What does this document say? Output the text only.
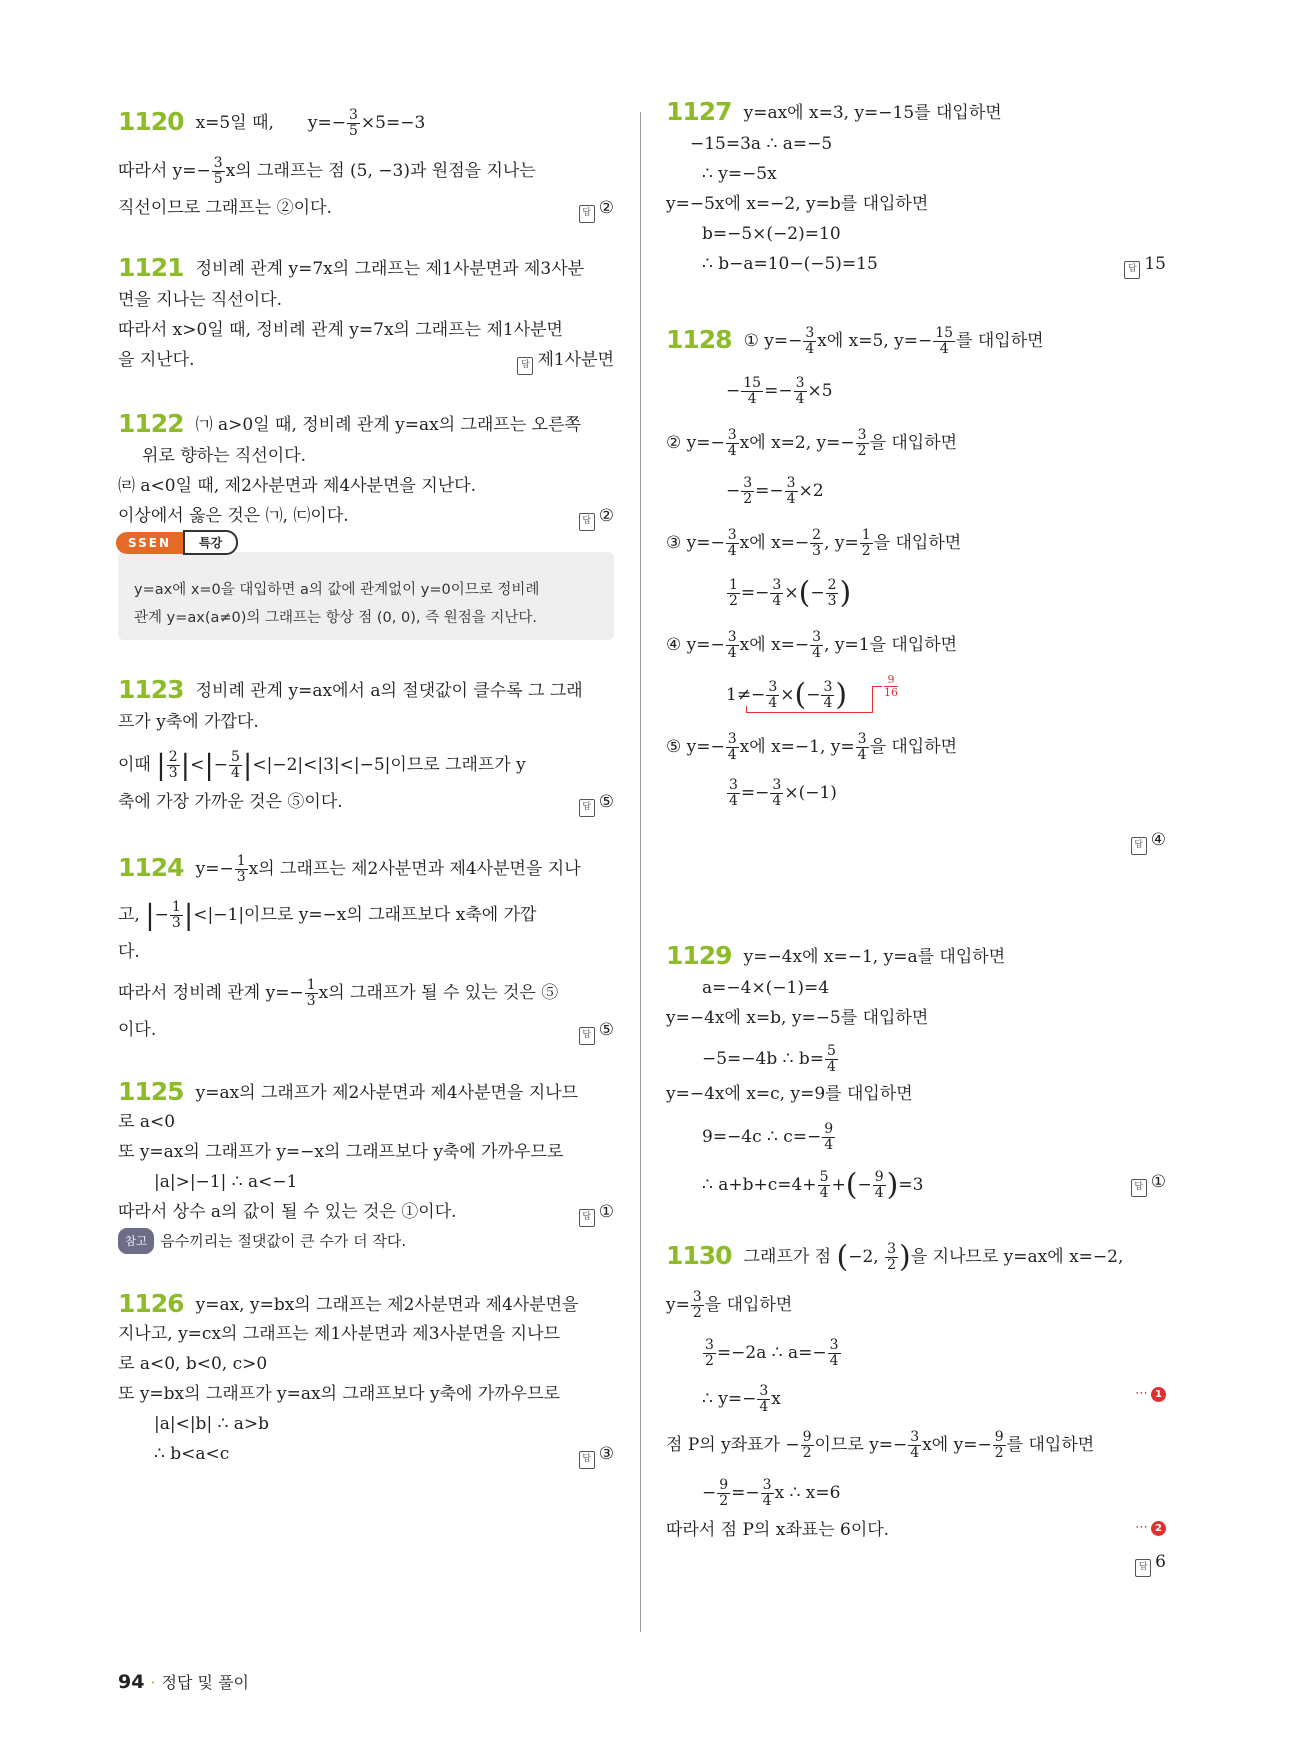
1120 x=5일 때, $y=- \frac{3}{5} \times 5=-3$
따라서 $y=- \frac{3}{5}$ x의 그래프는 점 (5, −3)과 원점을 지나는
직선이므로 그래프는 ②이다.	답 ②
1121 정비례 관계 y=7x의 그래프는 제1사분면과 제3사분
면을 지나는 직선이다.
따라서 x>0일 때, 정비례 관계 y=7x의 그래프는 제1사분면
을 지난다.	답 제1사분면
1122 ㈀ a>0일 때, 정비례 관계 y=ax의 그래프는 오른쪽
위로 향하는 직선이다.
㈃ a<0일 때, 제2사분면과 제4사분면을 지난다.
이상에서 옳은 것은 ㈀, ㈂이다.	답 ②
SSEN 특강
y=ax에 x=0을 대입하면 a의 값에 관계없이 y=0이므로 정비례
관계 y=ax(a≠0)의 그래프는 항상 점 (0, 0), 즉 원점을 지난다.
1123 정비례 관계 y=ax에서 a의 절댓값이 클수록 그 그래
프가 y축에 가깝다.
이때 | $\frac{2}{3}$ |<|− $\frac{5}{4} |<|-2|<|3|<|-5|$이므로 그래프가 y
축에 가장 가까운 것은 ⑤이다.	답 ⑤
1124 $y=- \frac{1}{3}$ x의 그래프는 제2사분면과 제4사분면을 지나
고, |− $\frac{1}{3} |<|-1|$이므로 y=−x의 그래프보다 x축에 가깝
다.
따라서 정비례 관계 $y=- \frac{1}{3}$ x의 그래프가 될 수 있는 것은 ⑤
이다.	답 ⑤
1125 y=ax의 그래프가 제2사분면과 제4사분면을 지나므
로 a<0
또 y=ax의 그래프가 y=−x의 그래프보다 y축에 가까우므로
|a|>|−1| ∴ a<−1
따라서 상수 a의 값이 될 수 있는 것은 ①이다.	답 ①
참고 음수끼리는 절댓값이 큰 수가 더 작다.
1126 y=ax, y=bx의 그래프는 제2사분면과 제4사분면을
지나고, y=cx의 그래프는 제1사분면과 제3사분면을 지나므
로 a<0, b<0, c>0
또 y=bx의 그래프가 y=ax의 그래프보다 y축에 가까우므로
|a|<|b| ∴ a>b
∴ b<a<c	답 ③
1127 y=ax에 x=3, y=−15를 대입하면
−15=3a ∴ a=−5
∴ y=−5x
y=−5x에 x=−2, y=b를 대입하면
b=−5×(−2)=10
∴ b−a=10−(−5)=15	답 15
1128 ① $y=- \frac{3}{4}$ x에 x=5, $y=- \frac{15}{4}$ 를 대입하면
− $\frac{15}{4} =- \frac{3}{4} \times 5$
② $y=- \frac{3}{4}$ x에 x=2, $y=- \frac{3}{2}$ 을 대입하면
− $\frac{3}{2} =- \frac{3}{4} \times 2$
③ $y=- \frac{3}{4}$ x에 $x=- \frac{2}{3}$ , $y= \frac{1}{2}$ 을 대입하면
$\frac{1}{2} =- \frac{3}{4}$ ×(− $\frac{2}{3}$ )
④ $y=- \frac{3}{4}$ x에 $x=- \frac{3}{4}$ , y=1을 대입하면
$1\ne- \frac{3}{4}$ ×(− $\frac{3}{4}$ )	9
16
⑤ $y=- \frac{3}{4}$ x에 x=−1, $y= \frac{3}{4}$ 을 대입하면
$\frac{3}{4} =- \frac{3}{4} \times(-1)$
답 ④
1129 y=−4x에 x=−1, y=a를 대입하면
a=−4×(−1)=4
y=−4x에 x=b, y=−5를 대입하면
−5=−4b ∴ $b= \frac{5}{4}$
y=−4x에 x=c, y=9를 대입하면
9=−4c ∴ $c=- \frac{9}{4}$
∴ $a+b+c=4+ \frac{5}{4}$ +(− $\frac{9}{4} )=3$	답 ①
1130 그래프가 점 (−2, $\frac{3}{2}$ )을 지나므로 y=ax에 x=−2,
$y= \frac{3}{2}$ 을 대입하면
$\frac{3}{2} =-2a$ ∴ $a=- \frac{3}{4}$
∴ $y=- \frac{3}{4}$ x	⋯ 1
점 P의 y좌표가 − $\frac{9}{2}$ 이므로 $y=- \frac{3}{4}$ x에 $y=- \frac{9}{2}$ 를 대입하면
− $\frac{9}{2} =- \frac{3}{4}$ x ∴ x=6
따라서 점 P의 x좌표는 6이다.	⋯ 2
답 6
94 · 정답 및 풀이
